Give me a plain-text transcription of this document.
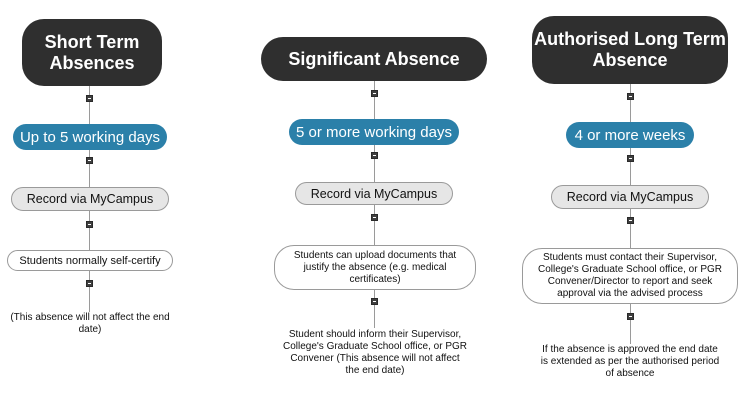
Short Term Absences
Up to 5 working days
Record via MyCampus
Students normally self-certify
(This absence will not affect the end date)
Significant Absence
5 or more working days
Record via MyCampus
Students can upload documents that justify the absence (e.g. medical certificates)
Student should inform their Supervisor, College's Graduate School office, or PGR Convener (This absence will not affect the end date)
Authorised Long Term Absence
4 or more weeks
Record via MyCampus
Students must contact their Supervisor, College's Graduate School office, or PGR Convener/Director to report and seek approval via the advised process
If the absence is approved the end date is extended as per the authorised period of absence
